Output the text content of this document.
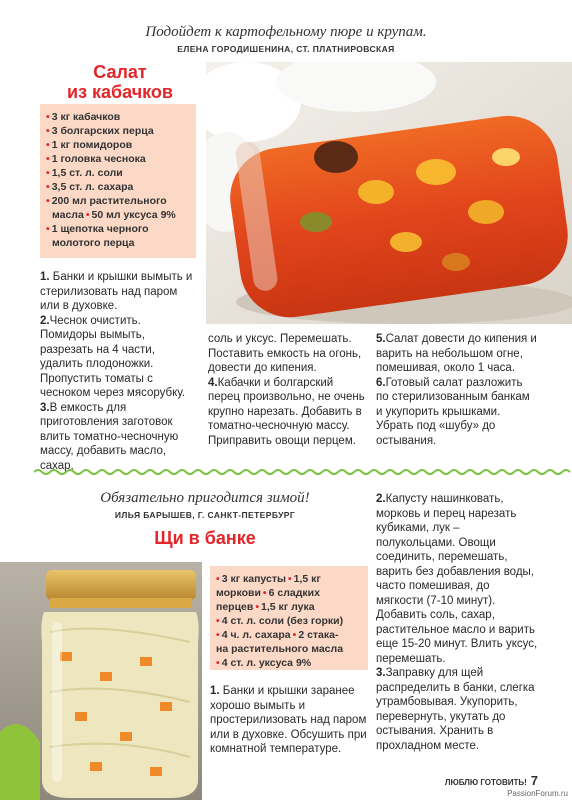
Подойдет к картофельному пюре и крупам.
ЕЛЕНА ГОРОДИШЕНИНА, СТ. ПЛАТНИРОВСКАЯ
Салат
из кабачков
• 3 кг кабачков
• 3 болгарских перца
• 1 кг помидоров
• 1 головка чеснока
• 1,5 ст. л. соли
• 3,5 ст. л. сахара
• 200 мл растительного
масла • 50 мл уксуса 9%
• 1 щепотка черного
молотого перца

1. Банки и крышки вымыть и стерилизовать над паром или в духовке.

2.Чеснок очистить. Помидоры вымыть, разрезать на 4 части, удалить плодоножки. Пропустить томаты с чесноком через мясорубку.

3.В емкость для приготовления заготовок влить томатно-чесночную массу, добавить масло, сахар,

соль и уксус. Перемешать. Поставить емкость на огонь, довести до кипения.

4.Кабачки и болгарский перец произвольно, не очень крупно нарезать. Добавить в томатно-чесночную массу. Приправить овощи перцем.

5.Салат довести до кипения и варить на небольшом огне, помешивая, около 1 часа.

6.Готовый салат разложить по стерилизованным банкам и укупорить крышками. Убрать под «шубу» до остывания.

Обязательно пригодится зимой!
ИЛЬЯ БАРЫШЕВ, Г. САНКТ-ПЕТЕРБУРГ
Щи в банке
• 3 кг капусты • 1,5 кг
моркови • 6 сладких
перцев • 1,5 кг лука
• 4 ст. л. соли (без горки)
• 4 ч. л. сахара • 2 стака-
на растительного масла
• 4 ст. л. уксуса 9%

1. Банки и крышки заранее хорошо вымыть и простерилизовать над паром или в духовке. Обсушить при комнатной температуре.

2.Капусту нашинковать, морковь и перец нарезать кубиками, лук – полукольцами. Овощи соединить, перемешать, варить без добавления воды, часто помешивая, до мягкости (7-10 минут). Добавить соль, сахар, растительное масло и варить еще 15-20 минут. Влить уксус, перемешать.

3.Заправку для щей распределить в банки, слегка утрамбовывая. Укупорить, перевернуть, укутать до остывания. Хранить в прохладном месте.

ЛЮБЛЮ ГОТОВИТЬ! 7
PassionForum.ru
